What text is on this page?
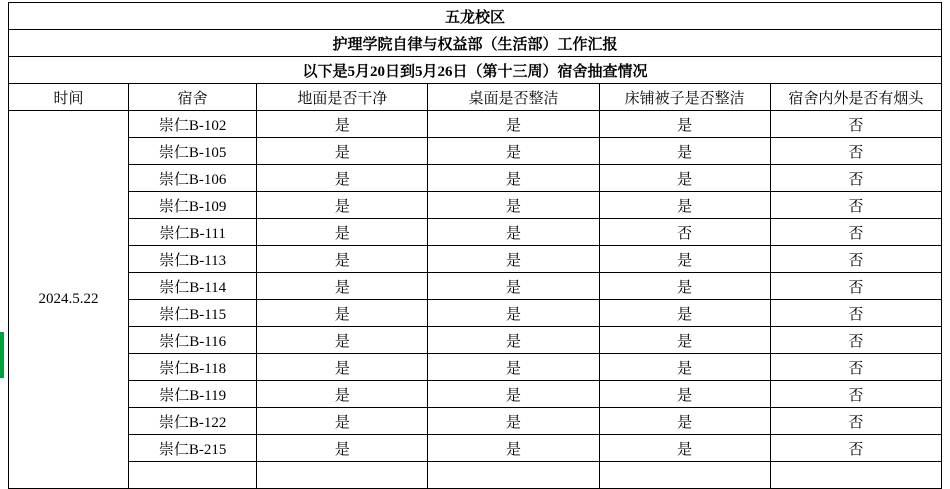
五龙校区					
护理学院自律与权益部（生活部）工作汇报					
以下是5月20日到5月26日（第十三周）宿舍抽查情况					
时间	宿舍	地面是否干净	桌面是否整洁	床铺被子是否整洁	宿舍内外是否有烟头
2024.5.22	崇仁B-102	是	是	是	否
	崇仁B-105	是	是	是	否
	崇仁B-106	是	是	是	否
	崇仁B-109	是	是	是	否
	崇仁B-111	是	是	否	否
	崇仁B-113	是	是	是	否
	崇仁B-114	是	是	是	否
	崇仁B-115	是	是	是	否
	崇仁B-116	是	是	是	否
	崇仁B-118	是	是	是	否
	崇仁B-119	是	是	是	否
	崇仁B-122	是	是	是	否
	崇仁B-215	是	是	是	否
